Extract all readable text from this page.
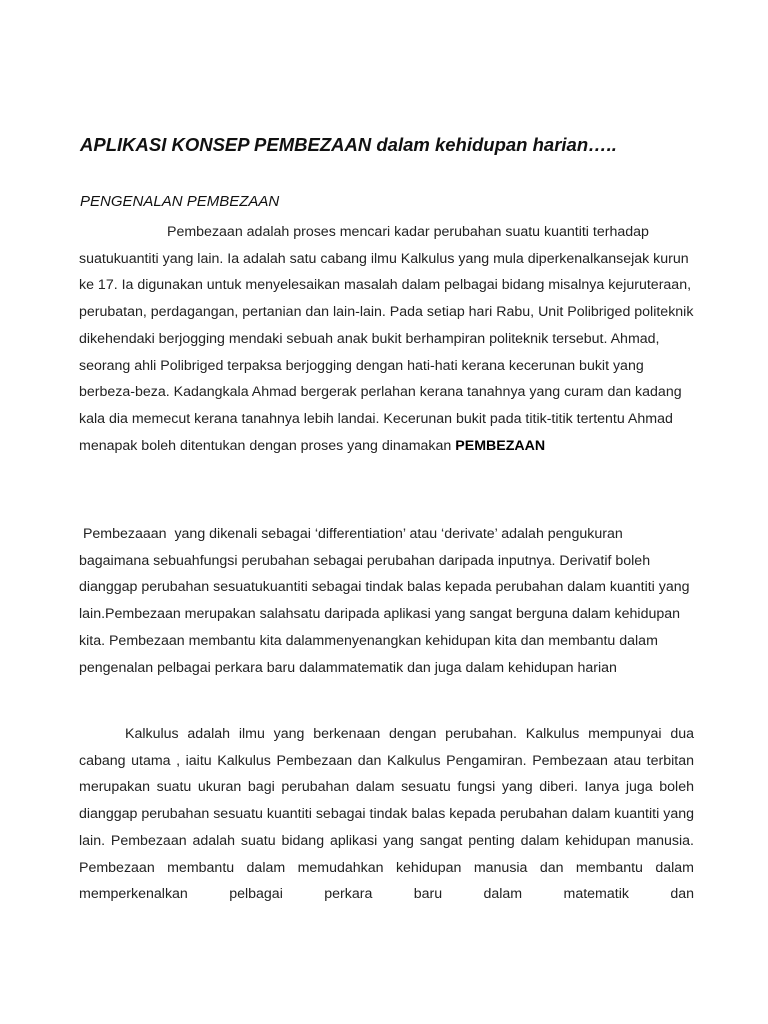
APLIKASI KONSEP PEMBEZAAN dalam kehidupan harian…..
PENGENALAN PEMBEZAAN
Pembezaan adalah proses mencari kadar perubahan suatu kuantiti terhadap suatukuantiti yang lain. Ia adalah satu cabang ilmu Kalkulus yang mula diperkenalkansejak kurun ke 17. Ia digunakan untuk menyelesaikan masalah dalam pelbagai bidang misalnya kejuruteraan, perubatan, perdagangan, pertanian dan lain-lain. Pada setiap hari Rabu, Unit Polibriged politeknik dikehendaki berjogging mendaki sebuah anak bukit berhampiran politeknik tersebut. Ahmad, seorang ahli Polibriged terpaksa berjogging dengan hati-hati kerana kecerunan bukit yang berbeza-beza. Kadangkala Ahmad bergerak perlahan kerana tanahnya yang curam dan kadang kala dia memecut kerana tanahnya lebih landai. Kecerunan bukit pada titik-titik tertentu Ahmad menapak boleh ditentukan dengan proses yang dinamakan PEMBEZAAN
Pembezaaan  yang dikenali sebagai ‘differentiation’ atau ‘derivate’ adalah pengukuran bagaimana sebuahfungsi perubahan sebagai perubahan daripada inputnya. Derivatif boleh dianggap perubahan sesuatukuantiti sebagai tindak balas kepada perubahan dalam kuantiti yang lain.Pembezaan merupakan salahsatu daripada aplikasi yang sangat berguna dalam kehidupan kita. Pembezaan membantu kita dalammenyenangkan kehidupan kita dan membantu dalam pengenalan pelbagai perkara baru dalammatematik dan juga dalam kehidupan harian
Kalkulus adalah ilmu yang berkenaan dengan perubahan. Kalkulus mempunyai dua cabang utama , iaitu Kalkulus Pembezaan dan Kalkulus Pengamiran. Pembezaan atau terbitan merupakan suatu ukuran bagi perubahan dalam sesuatu fungsi yang diberi. Ianya juga boleh dianggap perubahan sesuatu kuantiti sebagai tindak balas kepada perubahan dalam kuantiti yang lain. Pembezaan adalah suatu bidang aplikasi yang sangat penting dalam kehidupan manusia. Pembezaan membantu dalam memudahkan kehidupan manusia dan membantu dalam memperkenalkan pelbagai perkara baru dalam matematik dan
